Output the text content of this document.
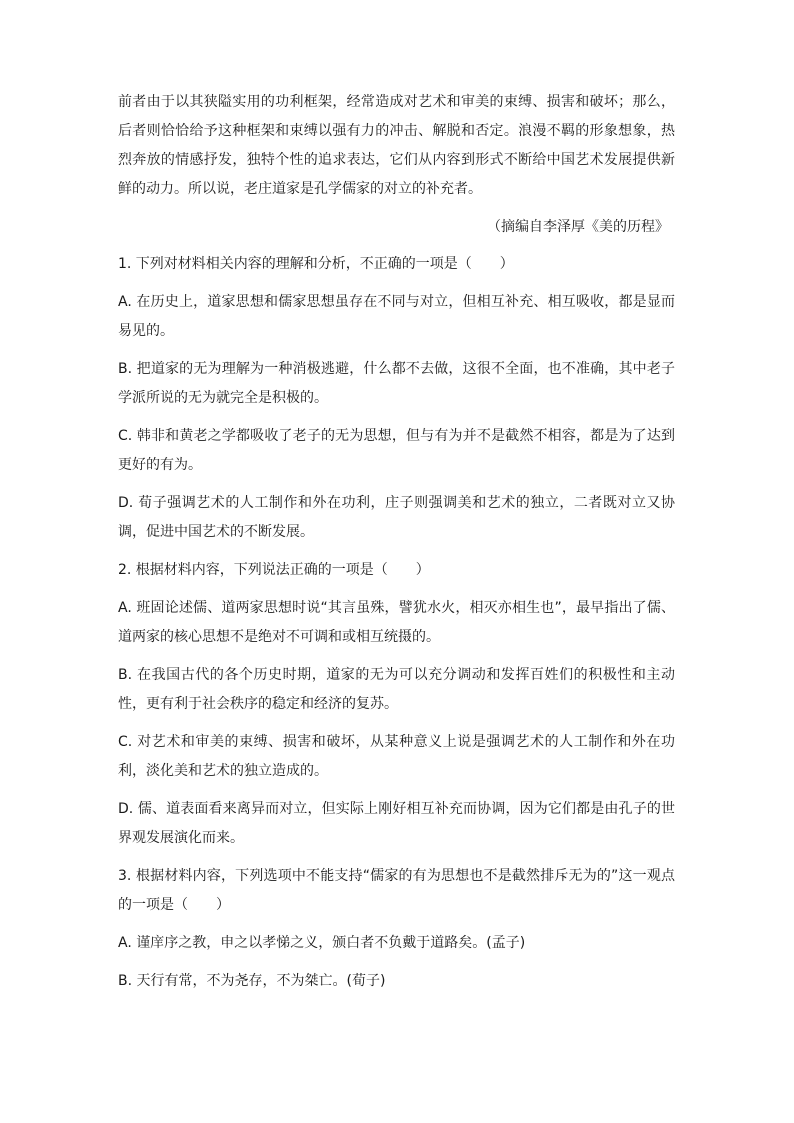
前者由于以其狭隘实用的功利框架，经常造成对艺术和审美的束缚、损害和破坏；那么，后者则恰恰给予这种框架和束缚以强有力的冲击、解脱和否定。浪漫不羁的形象想象，热烈奔放的情感抒发，独特个性的追求表达，它们从内容到形式不断给中国艺术发展提供新鲜的动力。所以说，老庄道家是孔学儒家的对立的补充者。

（摘编自李泽厚《美的历程》

1. 下列对材料相关内容的理解和分析，不正确的一项是（　　）

A. 在历史上，道家思想和儒家思想虽存在不同与对立，但相互补充、相互吸收，都是显而易见的。

B. 把道家的无为理解为一种消极逃避，什么都不去做，这很不全面，也不准确，其中老子学派所说的无为就完全是积极的。

C. 韩非和黄老之学都吸收了老子的无为思想，但与有为并不是截然不相容，都是为了达到更好的有为。

D. 荀子强调艺术的人工制作和外在功利，庄子则强调美和艺术的独立，二者既对立又协调，促进中国艺术的不断发展。

2. 根据材料内容，下列说法正确的一项是（　　）

A. 班固论述儒、道两家思想时说“其言虽殊，譬犹水火，相灭亦相生也”，最早指出了儒、道两家的核心思想不是绝对不可调和或相互统摄的。

B. 在我国古代的各个历史时期，道家的无为可以充分调动和发挥百姓们的积极性和主动性，更有利于社会秩序的稳定和经济的复苏。

C. 对艺术和审美的束缚、损害和破坏，从某种意义上说是强调艺术的人工制作和外在功利，淡化美和艺术的独立造成的。

D. 儒、道表面看来离异而对立，但实际上刚好相互补充而协调，因为它们都是由孔子的世界观发展演化而来。

3. 根据材料内容，下列选项中不能支持“儒家的有为思想也不是截然排斥无为的”这一观点的一项是（　　）

A. 谨庠序之教，申之以孝悌之义，颁白者不负戴于道路矣。(孟子)

B. 天行有常，不为尧存，不为桀亡。(荀子)
